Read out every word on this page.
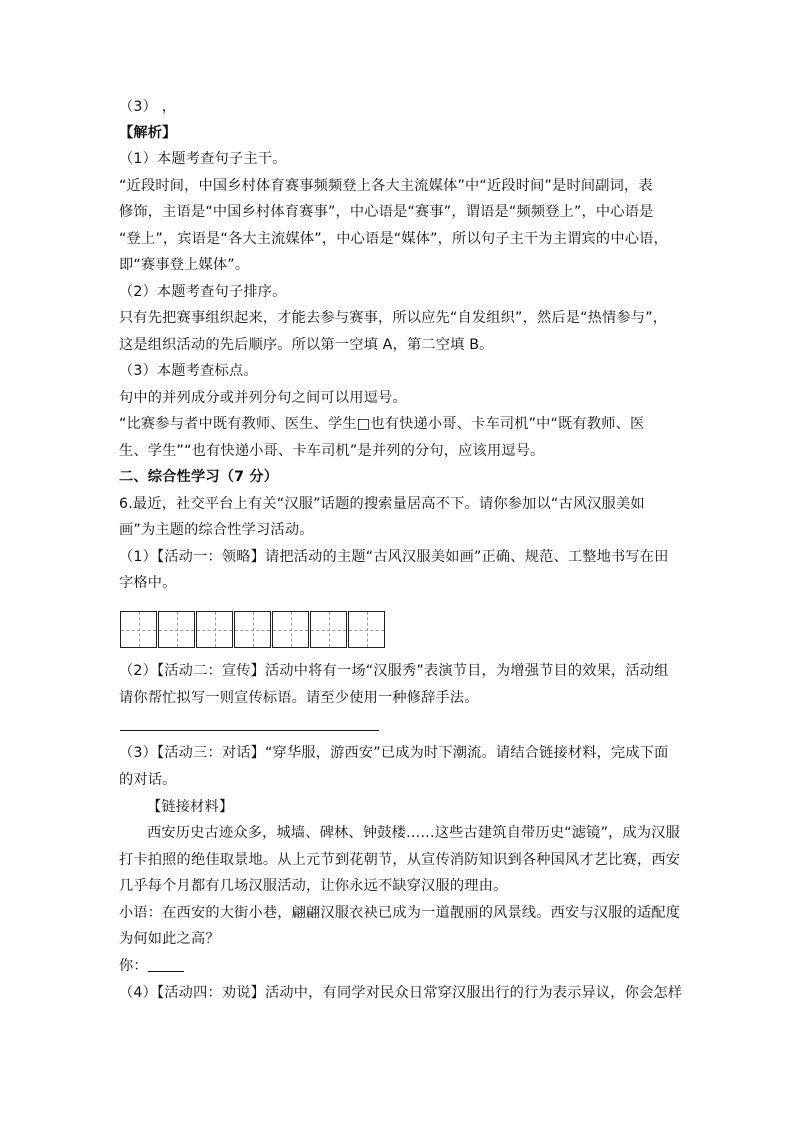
（3） ，
【解析】
（1）本题考查句子主干。
“近段时间，中国乡村体育赛事频频登上各大主流媒体”中“近段时间”是时间副词，表
修饰，主语是“中国乡村体育赛事”，中心语是“赛事”，谓语是“频频登上”，中心语是
“登上”，宾语是“各大主流媒体”，中心语是“媒体”，所以句子主干为主谓宾的中心语，
即“赛事登上媒体”。
（2）本题考查句子排序。
只有先把赛事组织起来，才能去参与赛事，所以应先“自发组织”，然后是“热情参与”，
这是组织活动的先后顺序。所以第一空填 A，第二空填 B。
（3）本题考查标点。
句中的并列成分或并列分句之间可以用逗号。
“比赛参与者中既有教师、医生、学生□也有快递小哥、卡车司机”中“既有教师、医
生、学生”“也有快递小哥、卡车司机”是并列的分句，应该用逗号。
二、综合性学习（7 分）
6.最近，社交平台上有关“汉服”话题的搜索量居高不下。请你参加以“古风汉服美如
画”为主题的综合性学习活动。
（1）【活动一：领略】请把活动的主题“古风汉服美如画”正确、规范、工整地书写在田
字格中。
（2）【活动二：宣传】活动中将有一场“汉服秀”表演节目，为增强节目的效果，活动组
请你帮忙拟写一则宣传标语。请至少使用一种修辞手法。
（3）【活动三：对话】“穿华服，游西安”已成为时下潮流。请结合链接材料，完成下面
的对话。
【链接材料】
西安历史古迹众多，城墙、碑林、钟鼓楼……这些古建筑自带历史“滤镜”，成为汉服
打卡拍照的绝佳取景地。从上元节到花朝节，从宣传消防知识到各种国风才艺比赛，西安
几乎每个月都有几场汉服活动，让你永远不缺穿汉服的理由。
小语：在西安的大街小巷，翩翩汉服衣袂已成为一道靓丽的风景线。西安与汉服的适配度
为何如此之高？
你：
（4）【活动四：劝说】活动中，有同学对民众日常穿汉服出行的行为表示异议，你会怎样
